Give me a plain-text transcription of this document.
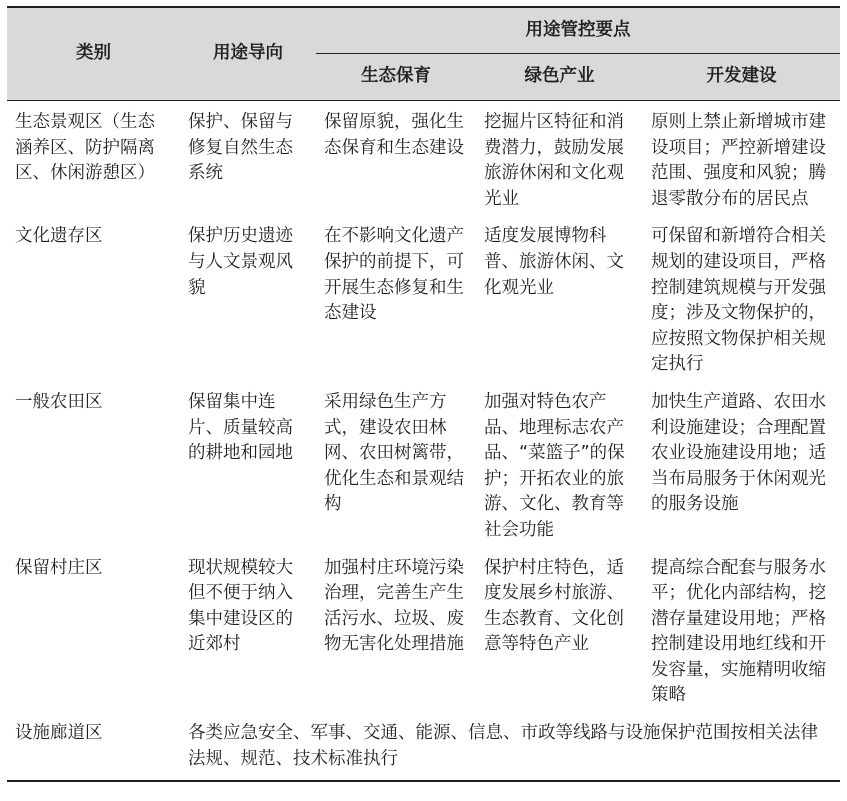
类别	用途导向	用途管控要点		
		生态保育	绿色产业	开发建设
生态景观区（生态涵养区、防护隔离区、休闲游憩区）	保护、保留与修复自然生态系统	保留原貌，强化生态保育和生态建设	挖掘片区特征和消费潜力，鼓励发展旅游休闲和文化观光业	原则上禁止新增城市建设项目；严控新增建设范围、强度和风貌；腾退零散分布的居民点
文化遗存区	保护历史遗迹与人文景观风貌	在不影响文化遗产保护的前提下，可开展生态修复和生态建设	适度发展博物科普、旅游休闲、文化观光业	可保留和新增符合相关规划的建设项目，严格控制建筑规模与开发强度；涉及文物保护的，应按照文物保护相关规定执行
一般农田区	保留集中连片、质量较高的耕地和园地	采用绿色生产方式，建设农田林网、农田树篱带，优化生态和景观结构	加强对特色农产品、地理标志农产品、“菜篮子”的保护；开拓农业的旅游、文化、教育等社会功能	加快生产道路、农田水利设施建设；合理配置农业设施建设用地；适当布局服务于休闲观光的服务设施
保留村庄区	现状规模较大但不便于纳入集中建设区的近郊村	加强村庄环境污染治理，完善生产生活污水、垃圾、废物无害化处理措施	保护村庄特色，适度发展乡村旅游、生态教育、文化创意等特色产业	提高综合配套与服务水平；优化内部结构，挖潜存量建设用地；严格控制建设用地红线和开发容量，实施精明收缩策略
设施廊道区	各类应急安全、军事、交通、能源、信息、市政等线路与设施保护范围按相关法律法规、规范、技术标准执行			
